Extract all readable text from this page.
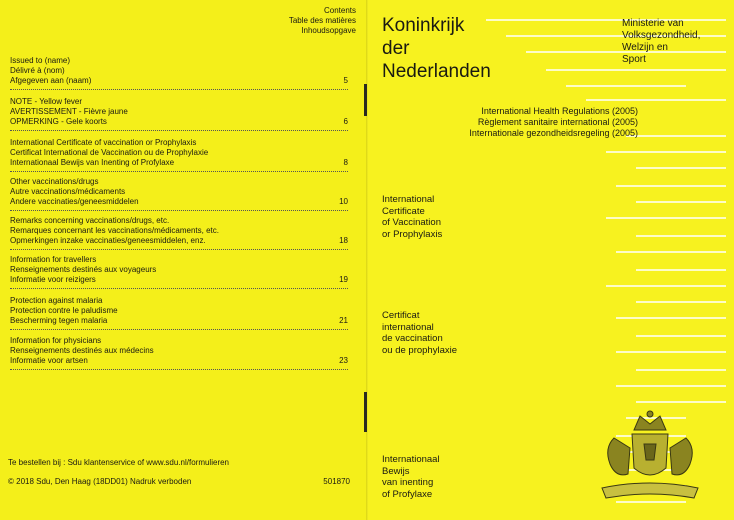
Contents
Table des matières
Inhoudsopgave
Issued to (name)
Délivré à (nom)
Afgegeven aan (naam)	5
NOTE - Yellow fever
AVERTISSEMENT - Fièvre jaune
OPMERKING - Gele koorts	6
International Certificate of vaccination or Prophylaxis
Certificat International de Vaccination ou de Prophylaxie
Internationaal Bewijs van Inenting of Profylaxe	8
Other vaccinations/drugs
Autre vaccinations/médicaments
Andere vaccinaties/geneesmiddelen	10
Remarks concerning vaccinations/drugs, etc.
Remarques concernant les vaccinations/médicaments, etc.
Opmerkingen inzake vaccinaties/geneesmiddelen, enz.	18
Information for travellers
Renseignements destinés aux voyageurs
Informatie voor reizigers	19
Protection against malaria
Protection contre le paludisme
Bescherming tegen malaria	21
Information for physicians
Renseignements destinés aux médecins
Informatie voor artsen	23
Te bestellen bij : Sdu klantenservice of www.sdu.nl/formulieren
© 2018 Sdu, Den Haag (18DD01) Nadruk verboden	501870
Koninkrijk
der
Nederlanden
Ministerie van
Volksgezondheid,
Welzijn en
Sport
International Health Regulations (2005)
Règlement sanitaire international (2005)
Internationale gezondheidsregeling (2005)
International
Certificate
of Vaccination
or Prophylaxis
Certificat
international
de vaccination
ou de prophylaxie
Internationaal
Bewijs
van inenting
of Profylaxe
